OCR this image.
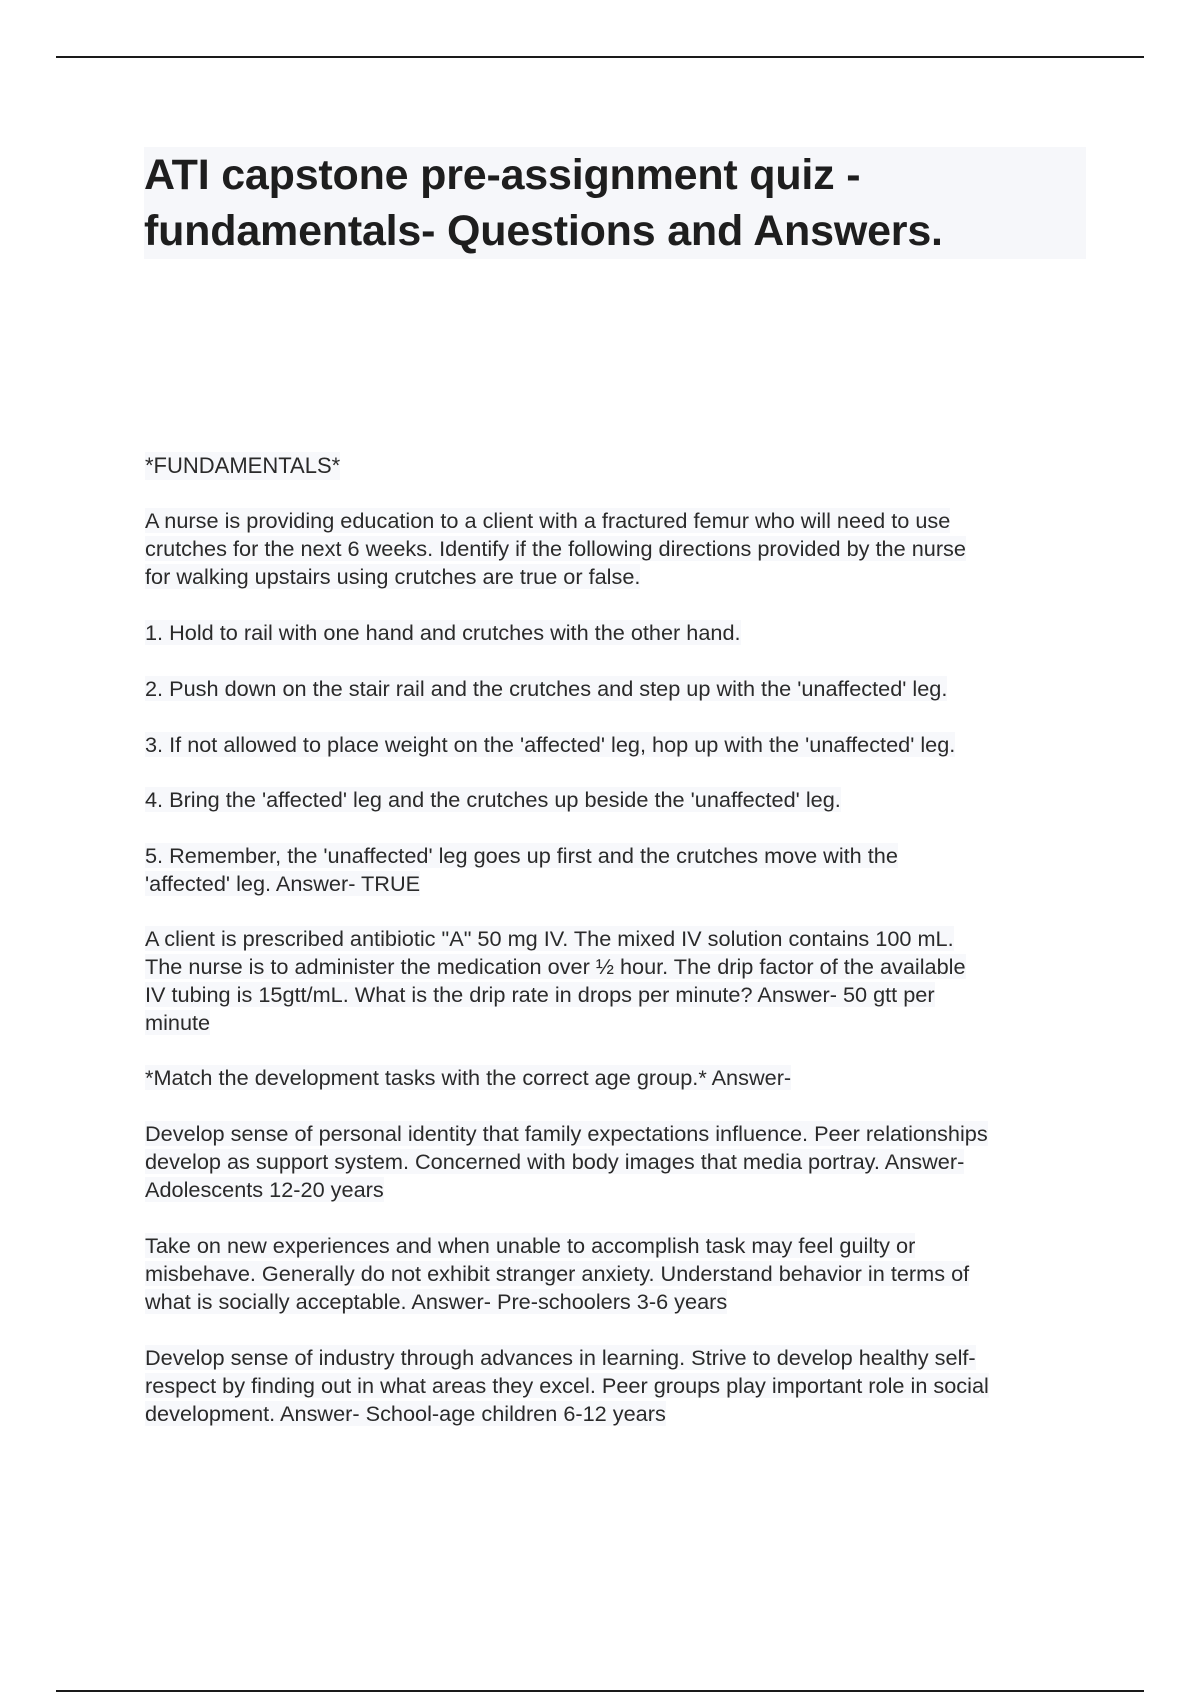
ATI capstone pre-assignment quiz -
fundamentals- Questions and Answers.
*FUNDAMENTALS*
A nurse is providing education to a client with a fractured femur who will need to use
crutches for the next 6 weeks. Identify if the following directions provided by the nurse
for walking upstairs using crutches are true or false.
1. Hold to rail with one hand and crutches with the other hand.
2. Push down on the stair rail and the crutches and step up with the 'unaffected' leg.
3. If not allowed to place weight on the 'affected' leg, hop up with the 'unaffected' leg.
4. Bring the 'affected' leg and the crutches up beside the 'unaffected' leg.
5. Remember, the 'unaffected' leg goes up first and the crutches move with the
'affected' leg. Answer- TRUE
A client is prescribed antibiotic "A" 50 mg IV. The mixed IV solution contains 100 mL.
The nurse is to administer the medication over ½ hour. The drip factor of the available
IV tubing is 15gtt/mL. What is the drip rate in drops per minute? Answer- 50 gtt per
minute
*Match the development tasks with the correct age group.* Answer-
Develop sense of personal identity that family expectations influence. Peer relationships
develop as support system. Concerned with body images that media portray. Answer-
Adolescents 12-20 years
Take on new experiences and when unable to accomplish task may feel guilty or
misbehave. Generally do not exhibit stranger anxiety. Understand behavior in terms of
what is socially acceptable. Answer- Pre-schoolers 3-6 years
Develop sense of industry through advances in learning. Strive to develop healthy self-
respect by finding out in what areas they excel. Peer groups play important role in social
development. Answer- School-age children 6-12 years
